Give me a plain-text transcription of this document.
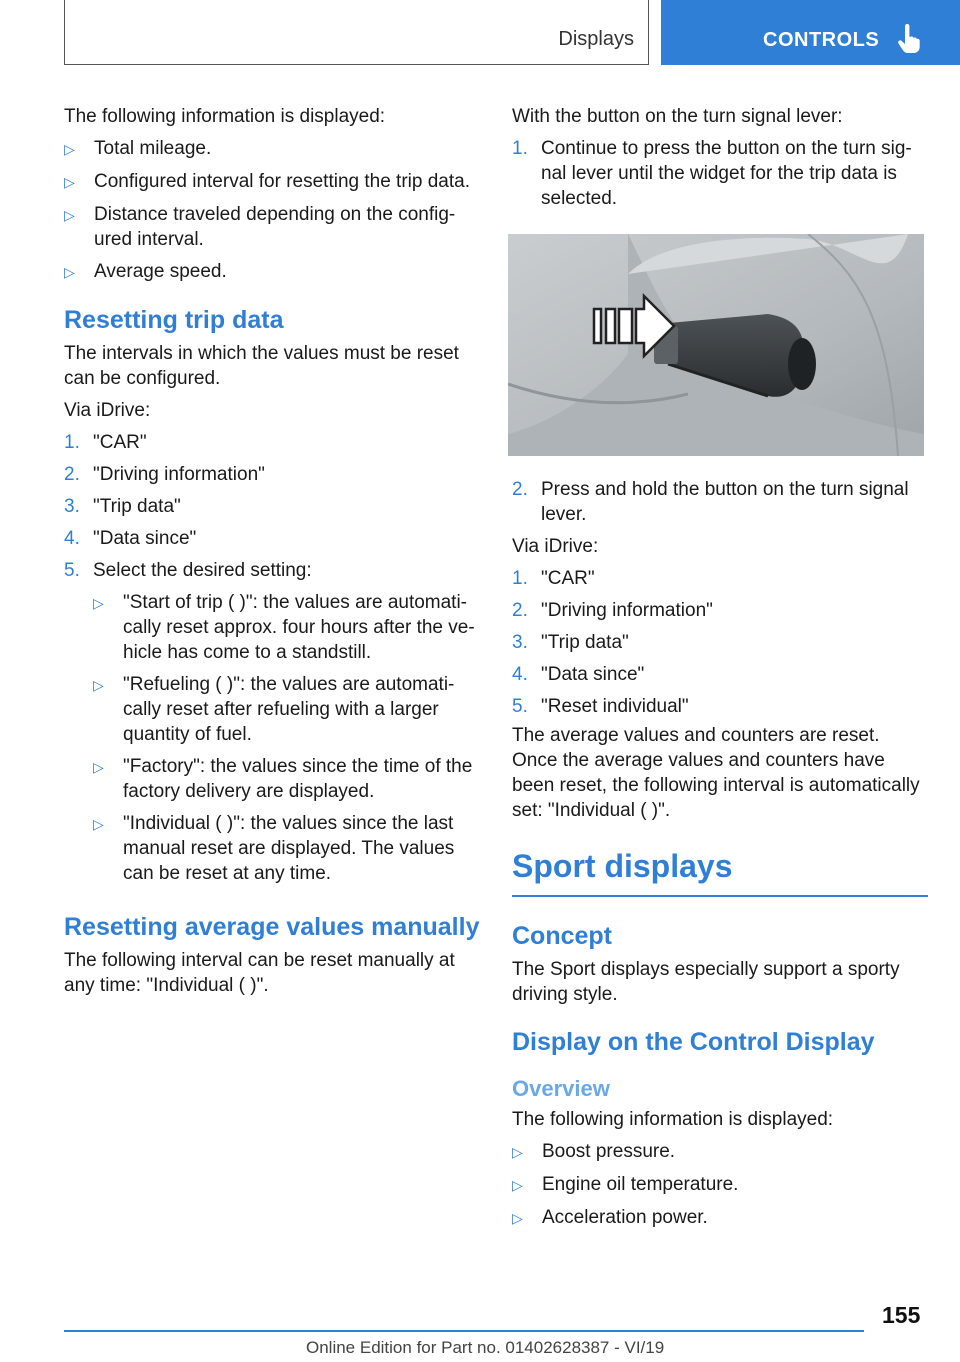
Displays	CONTROLS

The following information is displayed:

▷	Total mileage.
▷	Configured interval for resetting the trip data.
▷	Distance traveled depending on the config‐ured interval.
▷	Average speed.
Resetting trip data

The intervals in which the values must be reset can be configured.

Via iDrive:

1. "CAR"
2. "Driving information"
3. "Trip data"
4. "Data since"
5. Select the desired setting:
▷	"Start of trip ( )": the values are automati‐cally reset approx. four hours after the ve‐hicle has come to a standstill.
▷	"Refueling ( )": the values are automati‐cally reset after refueling with a larger quantity of fuel.
▷	"Factory": the values since the time of the factory delivery are displayed.
▷	"Individual ( )": the values since the last manual reset are displayed. The values can be reset at any time.
Resetting average values manually

The following interval can be reset manually at any time: "Individual ( )".

With the button on the turn signal lever:

1. Continue to press the button on the turn sig‐nal lever until the widget for the trip data is selected.
2. Press and hold the button on the turn signal lever.

Via iDrive:

1. "CAR"
2. "Driving information"
3. "Trip data"
4. "Data since"
5. "Reset individual"

The average values and counters are reset. Once the average values and counters have been reset, the following interval is automatically set: "Individual ( )".

Sport displays
Concept

The Sport displays especially support a sporty driving style.

Display on the Control Display
Overview

The following information is displayed:

▷	Boost pressure.
▷	Engine oil temperature.
▷	Acceleration power.
155
Online Edition for Part no. 01402628387 - VI/19
